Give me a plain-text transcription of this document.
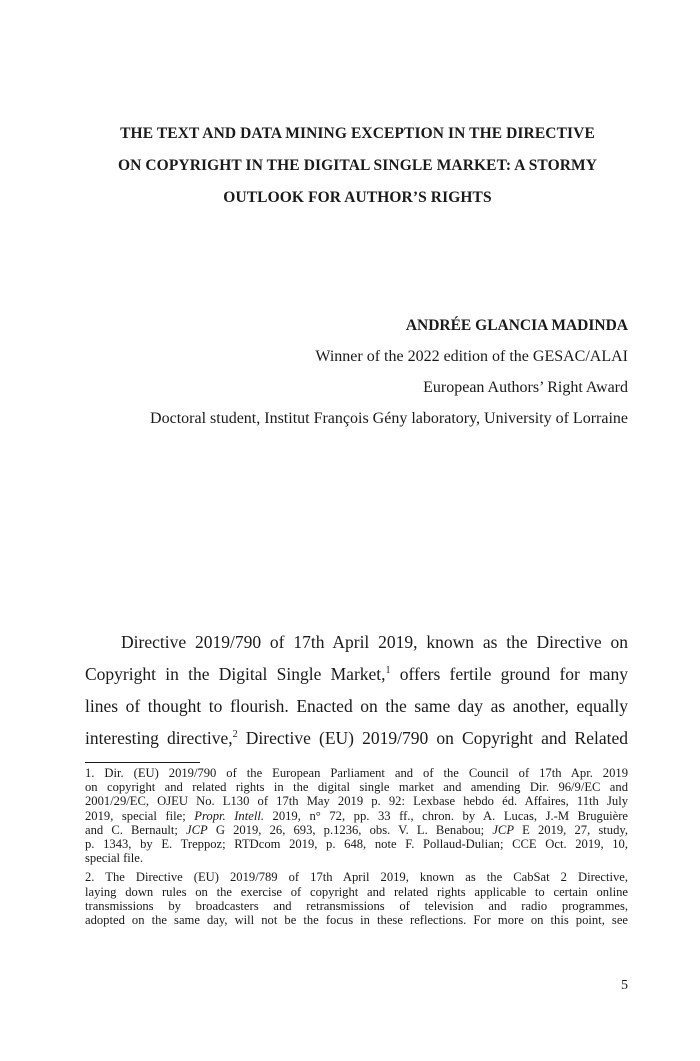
THE TEXT AND DATA MINING EXCEPTION IN THE DIRECTIVE
ON COPYRIGHT IN THE DIGITAL SINGLE MARKET: A STORMY
OUTLOOK FOR AUTHOR’S RIGHTS
ANDRÉE GLANCIA MADINDA
Winner of the 2022 edition of the GESAC/ALAI
European Authors’ Right Award
Doctoral student, Institut François Gény laboratory, University of Lorraine
Directive 2019/790 of 17th April 2019, known as the Directive on
Copyright in the Digital Single Market,$^1$ offers fertile ground for many
lines of thought to flourish. Enacted on the same day as another, equally
interesting directive,$^2$ Directive (EU) 2019/790 on Copyright and Related
1. Dir. (EU) 2019/790 of the European Parliament and of the Council of 17th Apr. 2019
on copyright and related rights in the digital single market and amending Dir. 96/9/EC and
2001/29/EC, OJEU No. L130 of 17th May 2019 p. 92: Lexbase hebdo éd. Affaires, 11th July
2019, special file; Propr. Intell. 2019, n° 72, pp. 33 ff., chron. by A. Lucas, J.-M Bruguière
and C. Bernault; JCP G 2019, 26, 693, p.1236, obs. V. L. Benabou; JCP E 2019, 27, study,
p. 1343, by E. Treppoz; RTDcom 2019, p. 648, note F. Pollaud-Dulian; CCE Oct. 2019, 10,
special file.
2. The Directive (EU) 2019/789 of 17th April 2019, known as the CabSat 2 Directive,
laying down rules on the exercise of copyright and related rights applicable to certain online
transmissions by broadcasters and retransmissions of television and radio programmes,
adopted on the same day, will not be the focus in these reflections. For more on this point, see
5
